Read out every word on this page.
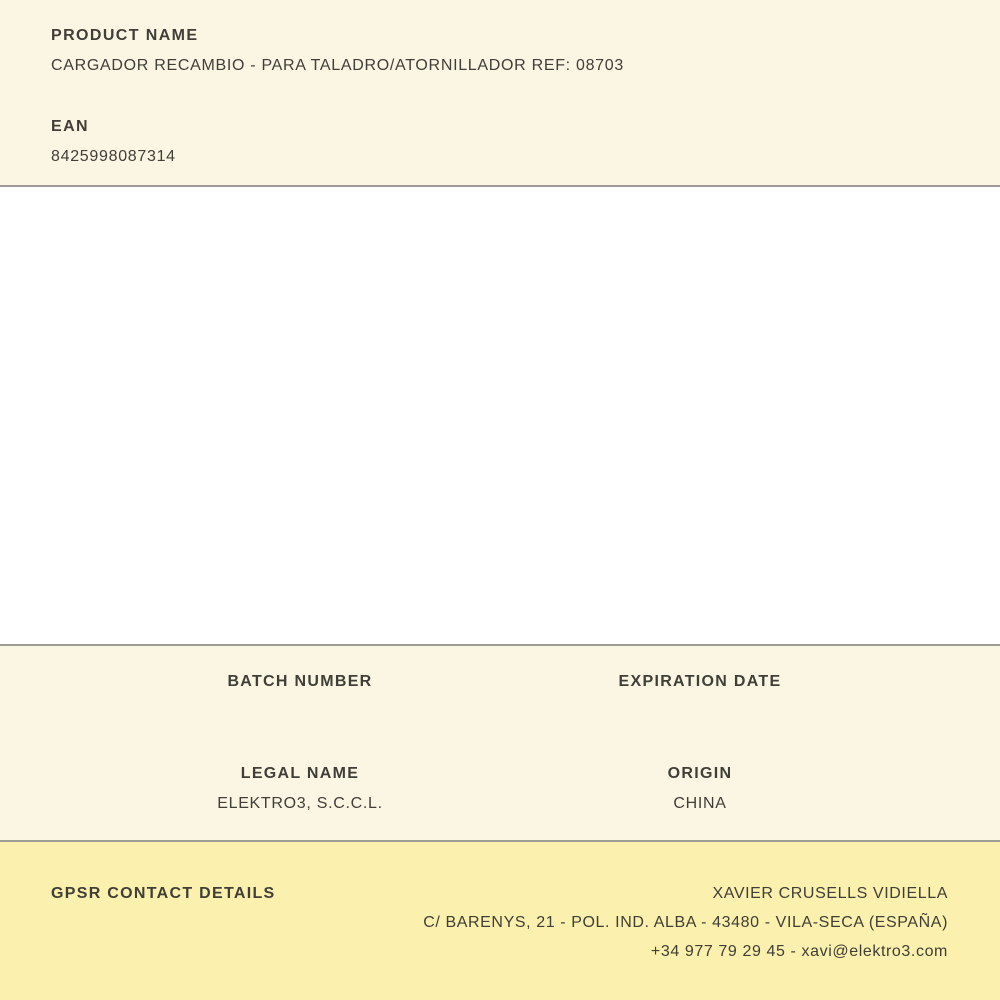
PRODUCT NAME
CARGADOR RECAMBIO - PARA TALADRO/ATORNILLADOR REF: 08703
EAN
8425998087314
BATCH NUMBER	EXPIRATION DATE
LEGAL NAME
ELEKTRO3, S.C.C.L.
ORIGIN
CHINA
GPSR CONTACT DETAILS	XAVIER CRUSELLS VIDIELLA
C/ BARENYS, 21 - POL. IND. ALBA - 43480 - VILA-SECA (ESPAÑA)
+34 977 79 29 45 - xavi@elektro3.com
